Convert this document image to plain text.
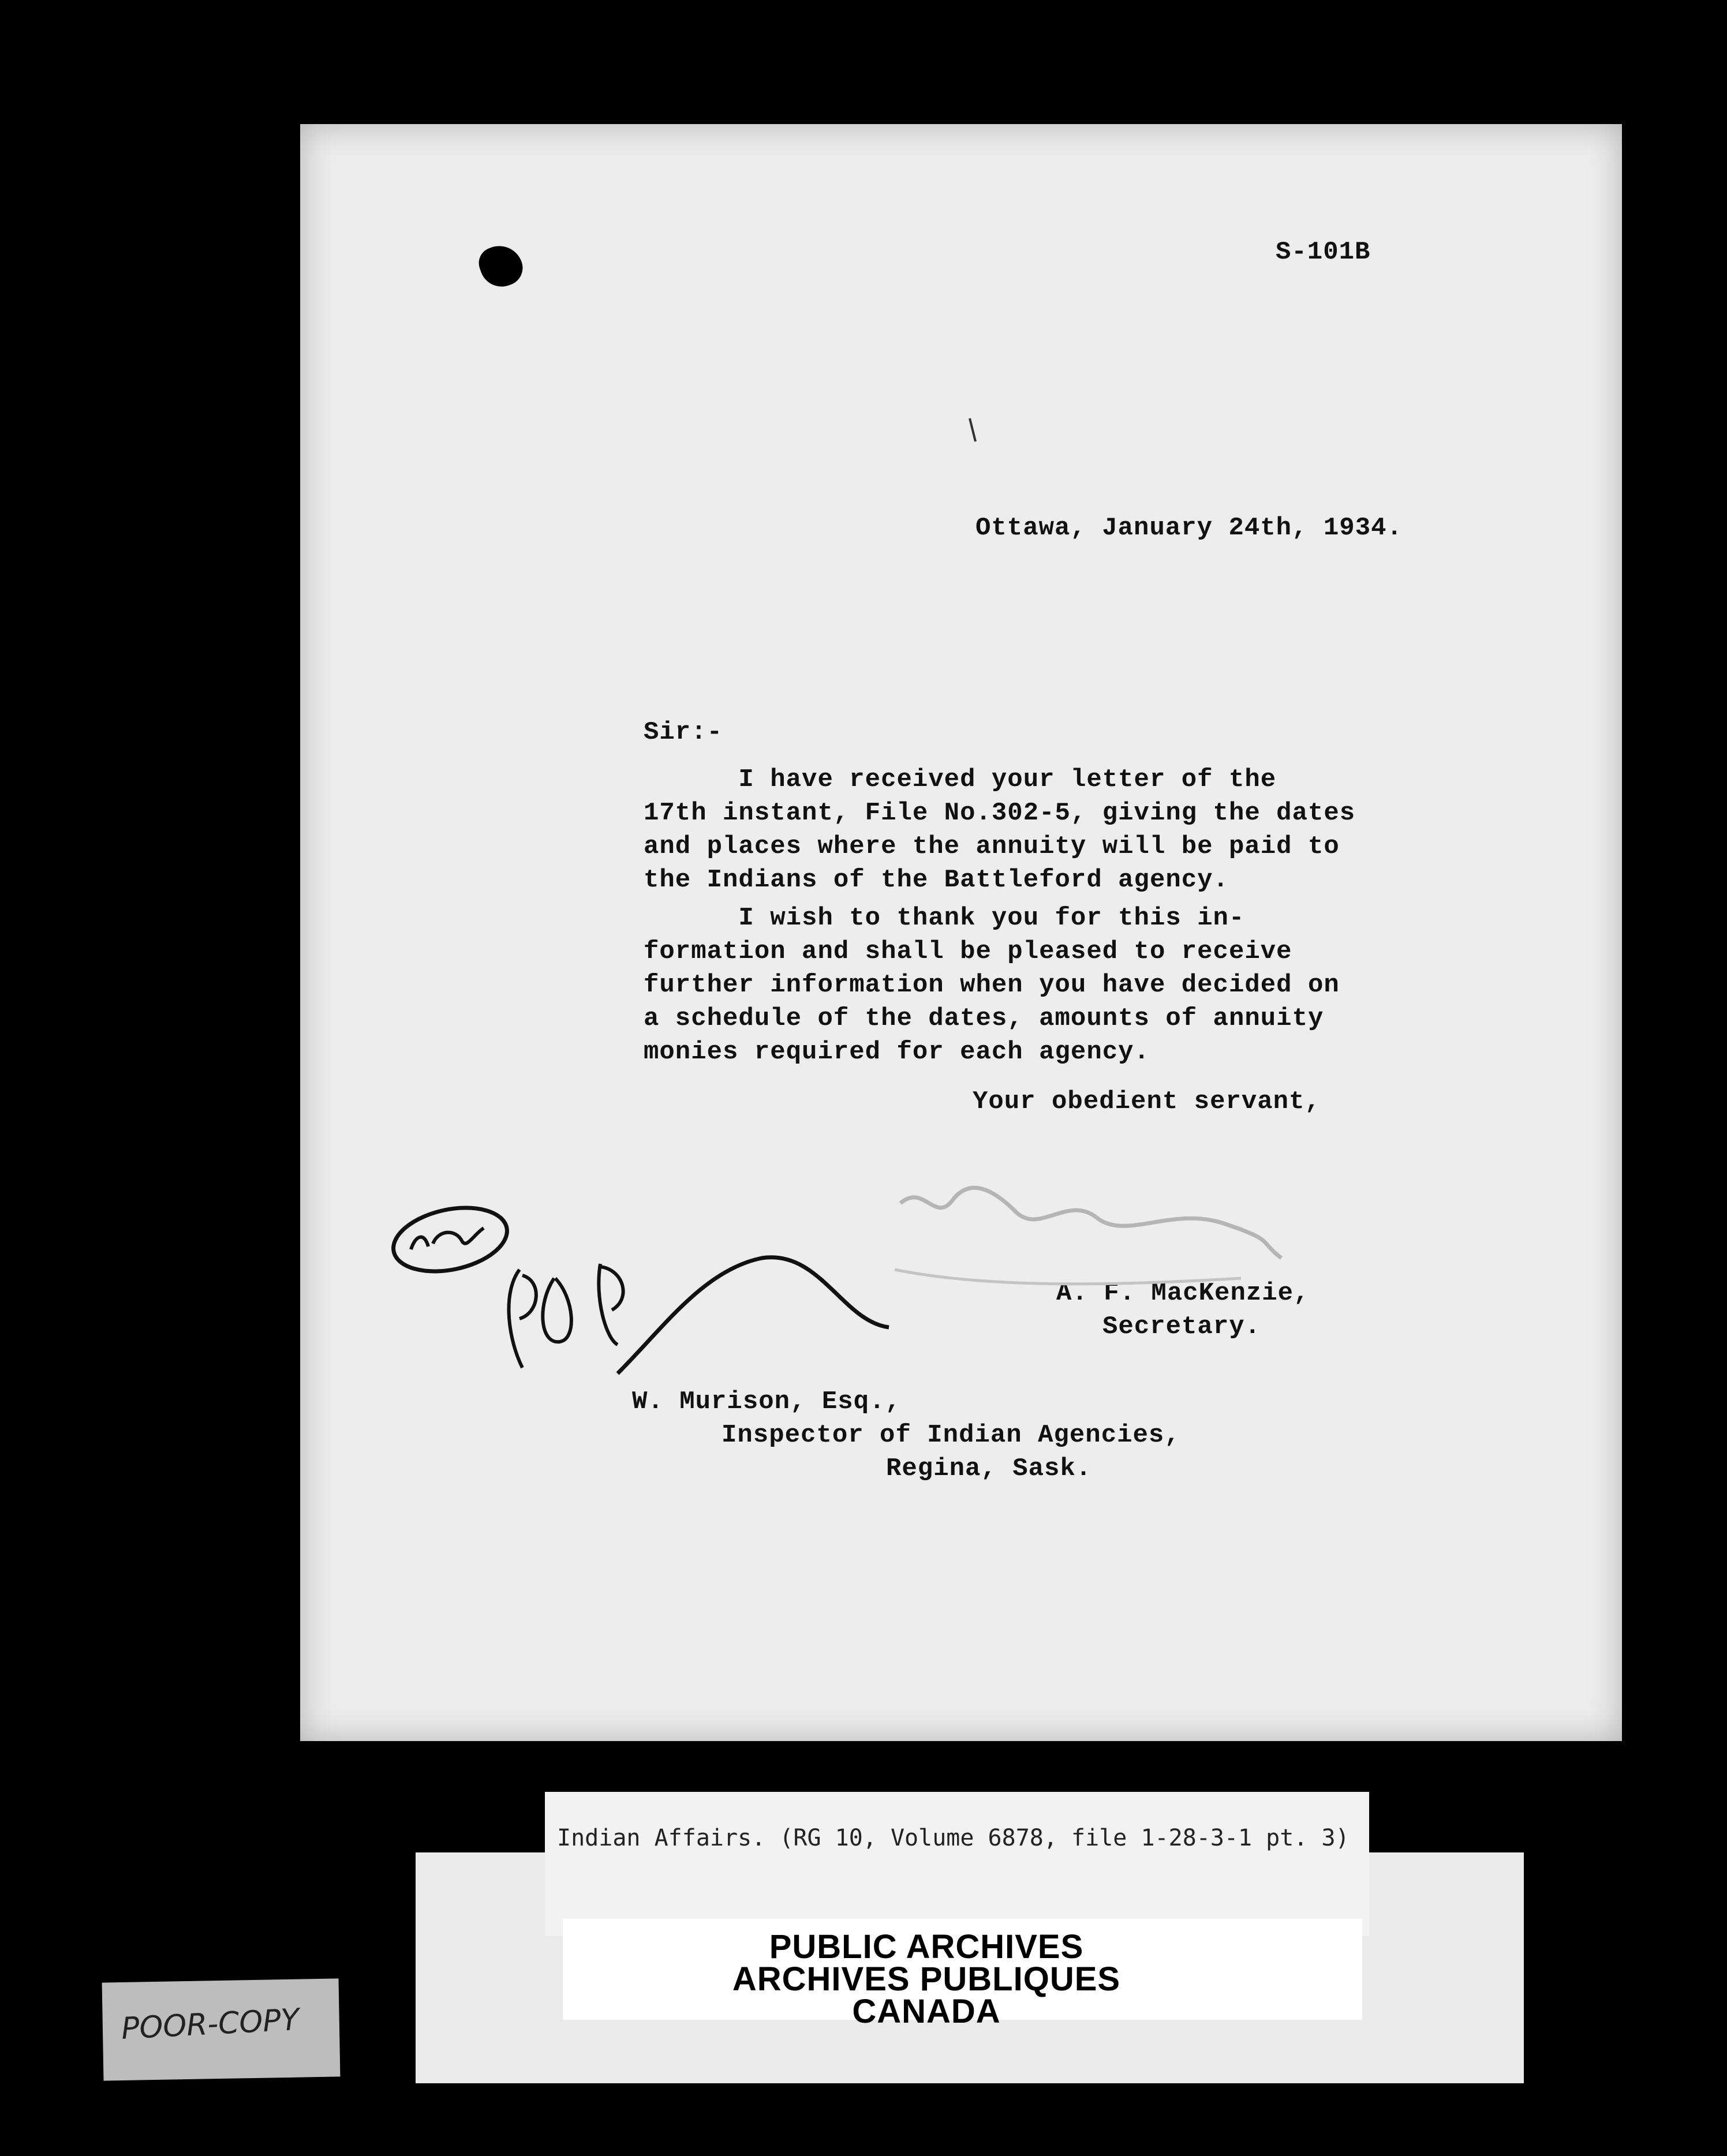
S-101B
Ottawa, January 24th, 1934.
Sir:-
I have received your letter of the
17th instant, File No.302-5, giving the dates
and places where the annuity will be paid to
the Indians of the Battleford agency.
I wish to thank you for this in-
formation and shall be pleased to receive
further information when you have decided on
a schedule of the dates, amounts of annuity
monies required for each agency.
Your obedient servant,
A. F. MacKenzie,
Secretary.
W. Murison, Esq.,
Inspector of Indian Agencies,
Regina, Sask.
Indian Affairs. (RG 10, Volume 6878, file 1-28-3-1 pt. 3)
PUBLIC ARCHIVES
ARCHIVES PUBLIQUES
CANADA
POOR-COPY
